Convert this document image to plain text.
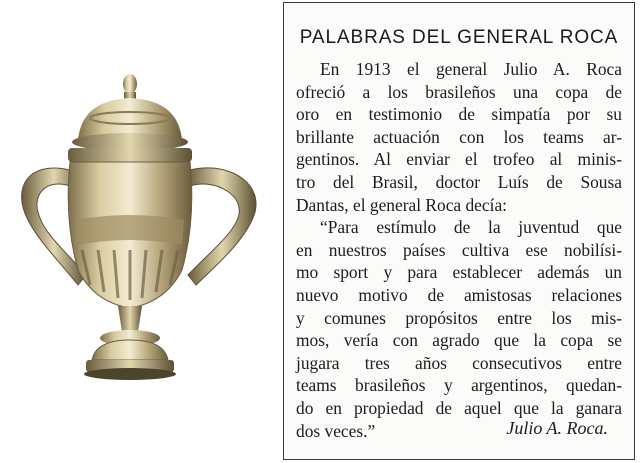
PALABRAS DEL GENERAL ROCA
En 1913 el general Julio A. Roca
ofreció a los brasileños una copa de
oro en testimonio de simpatía por su
brillante actuación con los teams ar-
gentinos. Al enviar el trofeo al minis-
tro del Brasil, doctor Luís de Sousa
Dantas, el general Roca decía:
“Para estímulo de la juventud que
en nuestros países cultiva ese nobilísi-
mo sport y para establecer además un
nuevo motivo de amistosas relaciones
y comunes propósitos entre los mis-
mos, vería con agrado que la copa se
jugara tres años consecutivos entre
teams brasileños y argentinos, quedan-
do en propiedad de aquel que la ganara
dos veces.”	Julio A. Roca.
